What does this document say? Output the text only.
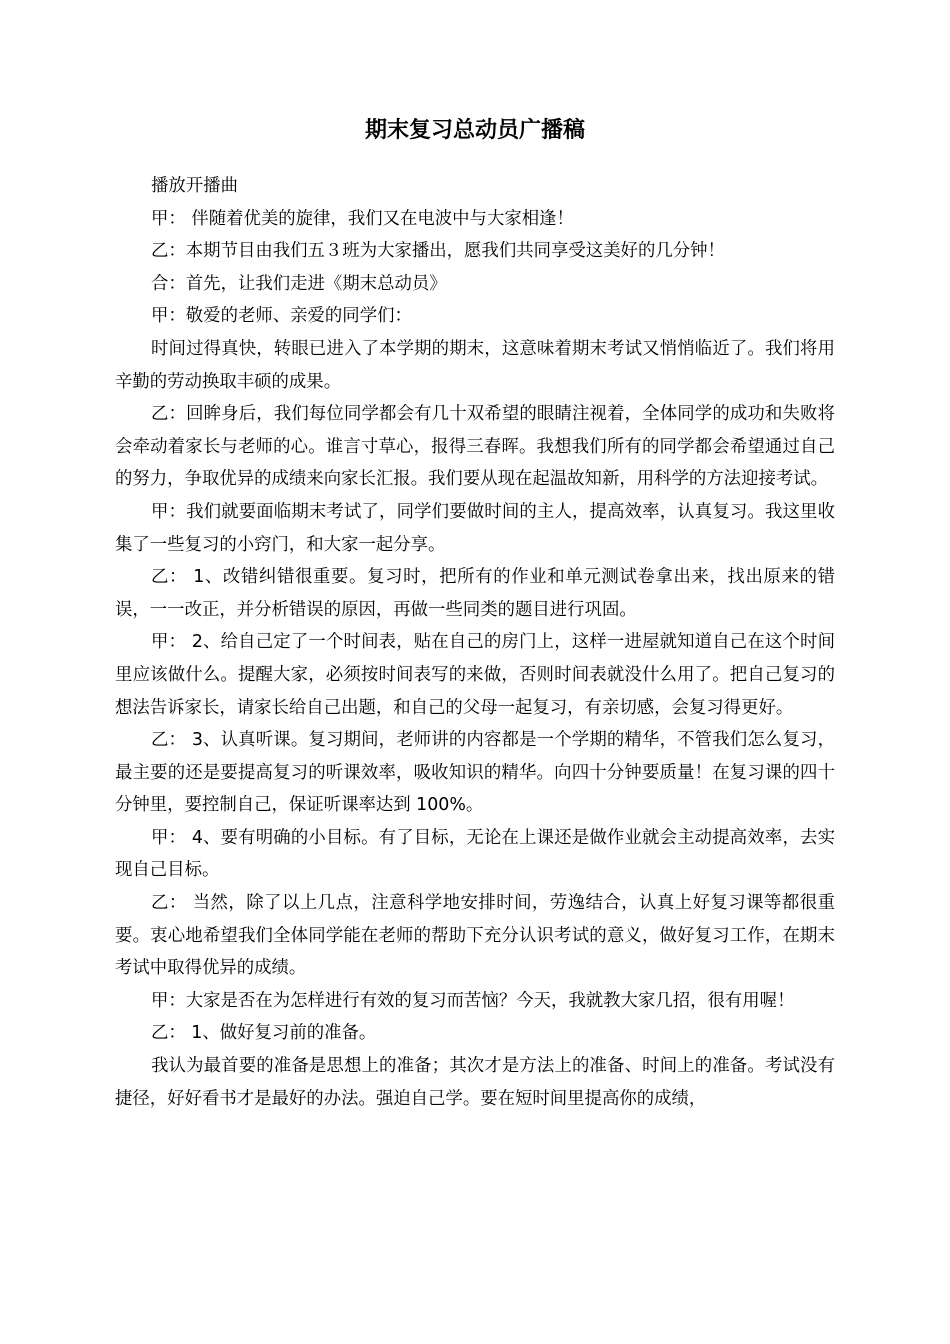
期末复习总动员广播稿

播放开播曲

甲： 伴随着优美的旋律，我们又在电波中与大家相逢！

乙：本期节目由我们五３班为大家播出，愿我们共同享受这美好的几分钟！

合：首先，让我们走进《期末总动员》

甲：敬爱的老师、亲爱的同学们：

时间过得真快，转眼已进入了本学期的期末，这意味着期末考试又悄悄临近了。我们将用辛勤的劳动换取丰硕的成果。

乙：回眸身后，我们每位同学都会有几十双希望的眼睛注视着，全体同学的成功和失败将会牵动着家长与老师的心。谁言寸草心，报得三春晖。我想我们所有的同学都会希望通过自己的努力，争取优异的成绩来向家长汇报。我们要从现在起温故知新，用科学的方法迎接考试。

甲：我们就要面临期末考试了，同学们要做时间的主人，提高效率，认真复习。我这里收集了一些复习的小窍门，和大家一起分享。

乙： 1、改错纠错很重要。复习时，把所有的作业和单元测试卷拿出来，找出原来的错误，一一改正，并分析错误的原因，再做一些同类的题目进行巩固。

甲： 2、给自己定了一个时间表，贴在自己的房门上，这样一进屋就知道自己在这个时间里应该做什么。提醒大家，必须按时间表写的来做，否则时间表就没什么用了。把自己复习的想法告诉家长，请家长给自己出题，和自己的父母一起复习，有亲切感，会复习得更好。

乙： 3、认真听课。复习期间，老师讲的内容都是一个学期的精华，不管我们怎么复习，最主要的还是要提高复习的听课效率，吸收知识的精华。向四十分钟要质量！在复习课的四十分钟里，要控制自己，保证听课率达到 100%。

甲： 4、要有明确的小目标。有了目标，无论在上课还是做作业就会主动提高效率，去实现自己目标。

乙： 当然，除了以上几点，注意科学地安排时间，劳逸结合，认真上好复习课等都很重要。衷心地希望我们全体同学能在老师的帮助下充分认识考试的意义，做好复习工作，在期末考试中取得优异的成绩。

甲：大家是否在为怎样进行有效的复习而苦恼？今天，我就教大家几招，很有用喔！

乙： 1、做好复习前的准备。

我认为最首要的准备是思想上的准备；其次才是方法上的准备、时间上的准备。考试没有捷径，好好看书才是最好的办法。强迫自己学。要在短时间里提高你的成绩，
